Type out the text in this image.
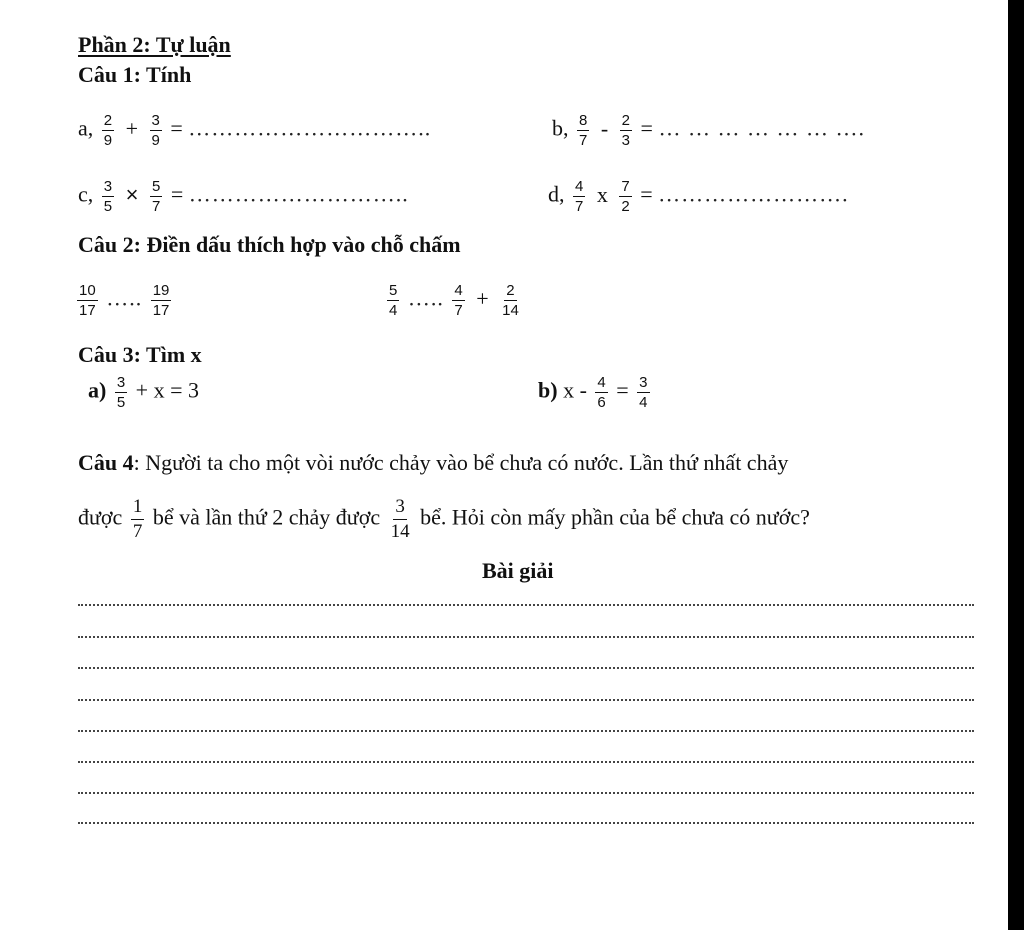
Phần 2: Tự luận
Câu 1: Tính
a, $\frac{2}{9} + \frac{3}{9}$ = …………………………..	b, $\frac{8}{7} - \frac{2}{3}$ = … … … … … … ….
c, $\frac{3}{5} \times \frac{5}{7}$ = ………………………..	d, $\frac{4}{7}$ x $\frac{7}{2}$ = …………………….
Câu 2: Điền dấu thích hợp vào chỗ chấm
$\frac{10}{17}$ ….. $\frac{19}{17}$	$\frac{5}{4}$ ….. $\frac{4}{7} + \frac{2}{14}$
Câu 3: Tìm x
$a) \frac{3}{5} + x = 3$	b) $x - \frac{4}{6} = \frac{3}{4}$
Câu 4: Người ta cho một vòi nước chảy vào bể chưa có nước. Lần thứ nhất chảy
được $\frac{1}{7}$ bể và lần thứ 2 chảy được $\frac{3}{14}$ bể. Hỏi còn mấy phần của bể chưa có nước?
Bài giải
